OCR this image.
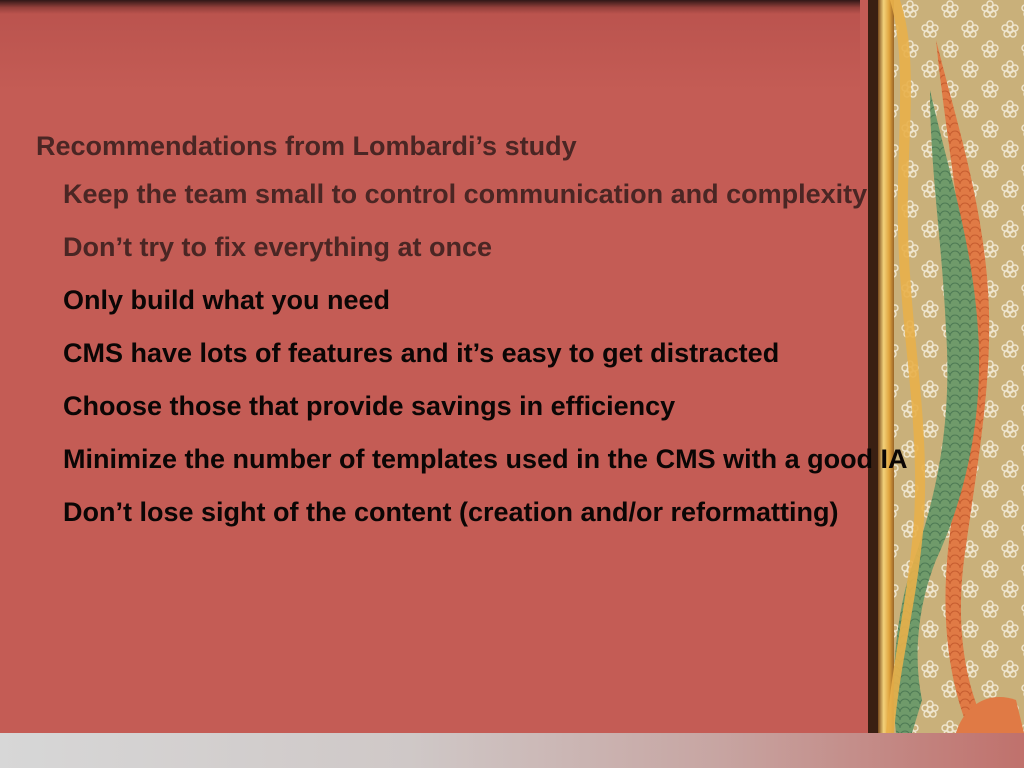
Recommendations from Lombardi’s study
Keep the team small to control communication and complexity
Don’t try to fix everything at once
Only build what you need
CMS have lots of features and it’s easy to get distracted
Choose those that provide savings in efficiency
Minimize the number of templates used in the CMS with a good IA
Don’t lose sight of the content (creation and/or reformatting)
